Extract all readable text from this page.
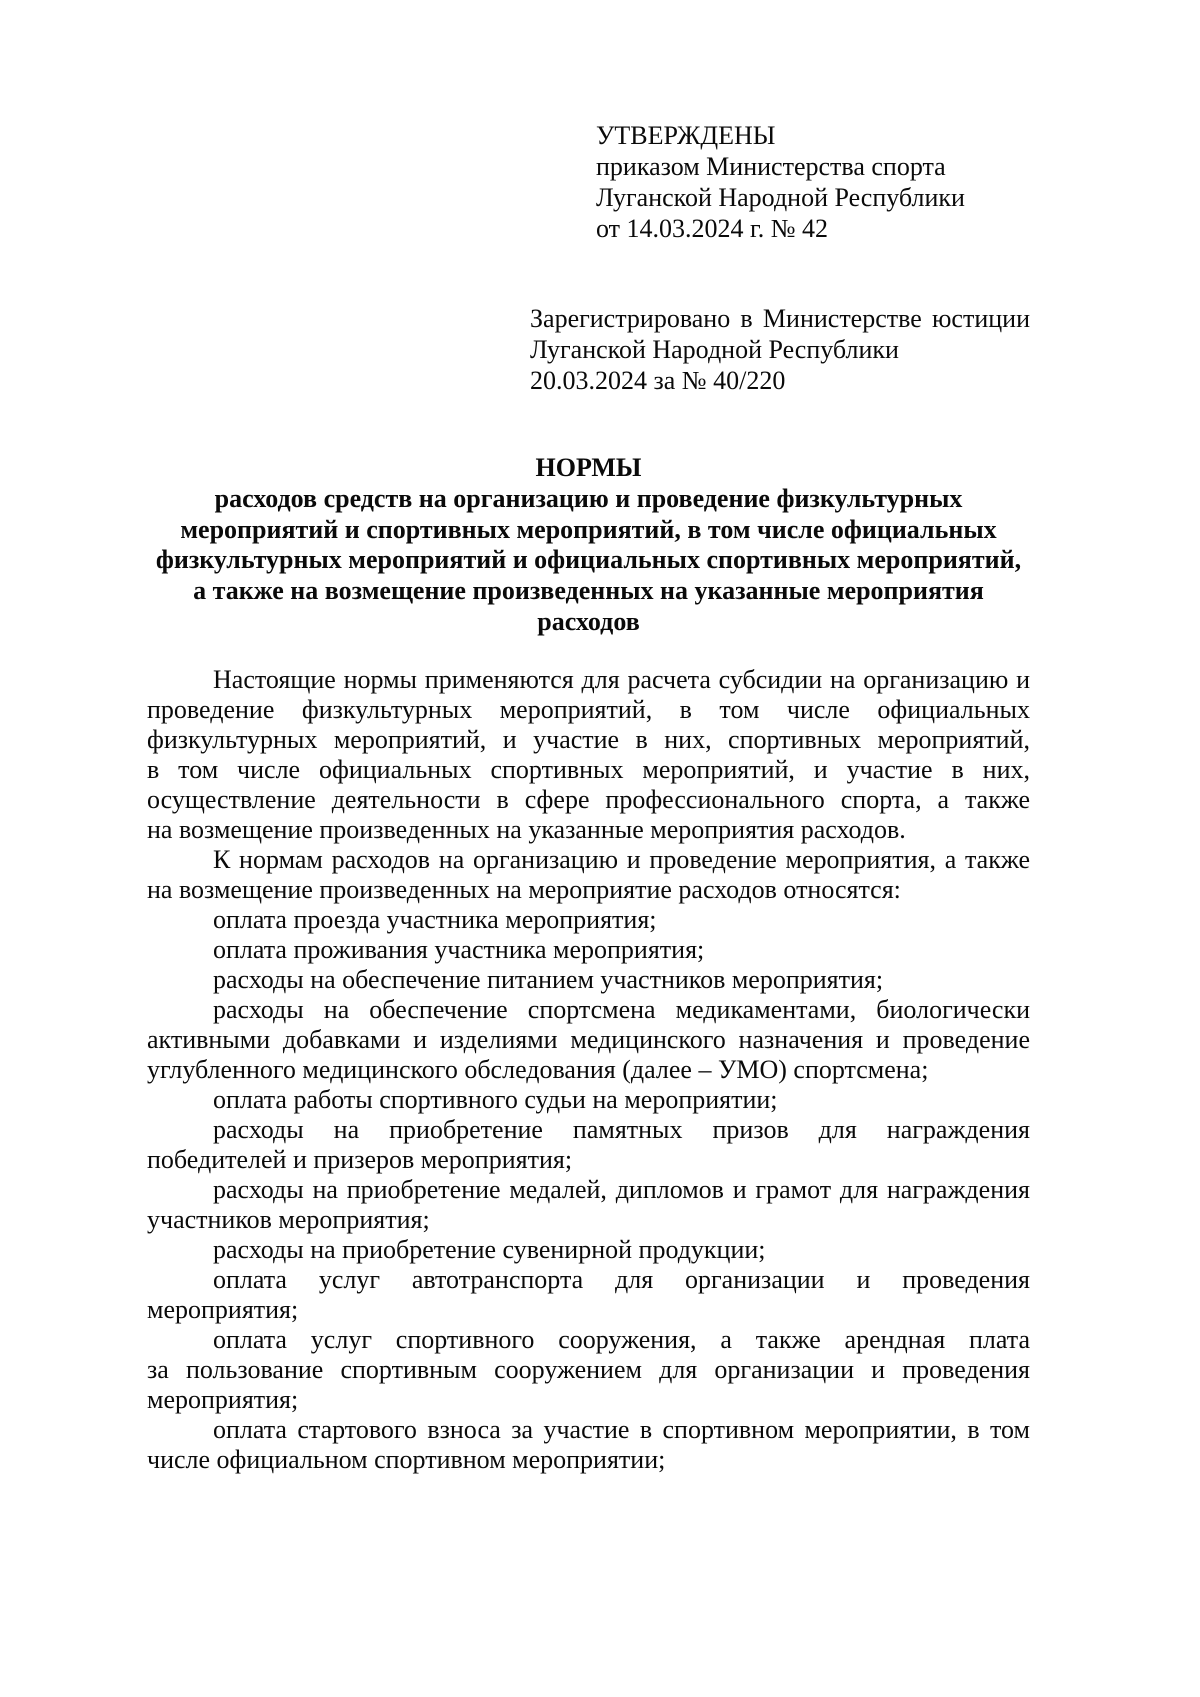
УТВЕРЖДЕНЫ
приказом Министерства спорта
Луганской Народной Республики
от 14.03.2024 г. № 42
Зарегистрировано в Министерстве юстиции
Луганской Народной Республики
20.03.2024 за № 40/220
НОРМЫ
расходов средств на организацию и проведение физкультурных
мероприятий и спортивных мероприятий, в том числе официальных
физкультурных мероприятий и официальных спортивных мероприятий,
а также на возмещение произведенных на указанные мероприятия
расходов
Настоящие нормы применяются для расчета субсидии на организацию и
проведение физкультурных мероприятий, в том числе официальных
физкультурных мероприятий, и участие в них, спортивных мероприятий,
в том числе официальных спортивных мероприятий, и участие в них,
осуществление деятельности в сфере профессионального спорта, а также
на возмещение произведенных на указанные мероприятия расходов.
К нормам расходов на организацию и проведение мероприятия, а также
на возмещение произведенных на мероприятие расходов относятся:
оплата проезда участника мероприятия;
оплата проживания участника мероприятия;
расходы на обеспечение питанием участников мероприятия;
расходы на обеспечение спортсмена медикаментами, биологически
активными добавками и изделиями медицинского назначения и проведение
углубленного медицинского обследования (далее – УМО) спортсмена;
оплата работы спортивного судьи на мероприятии;
расходы на приобретение памятных призов для награждения
победителей и призеров мероприятия;
расходы на приобретение медалей, дипломов и грамот для награждения
участников мероприятия;
расходы на приобретение сувенирной продукции;
оплата услуг автотранспорта для организации и проведения
мероприятия;
оплата услуг спортивного сооружения, а также арендная плата
за пользование спортивным сооружением для организации и проведения
мероприятия;
оплата стартового взноса за участие в спортивном мероприятии, в том
числе официальном спортивном мероприятии;
